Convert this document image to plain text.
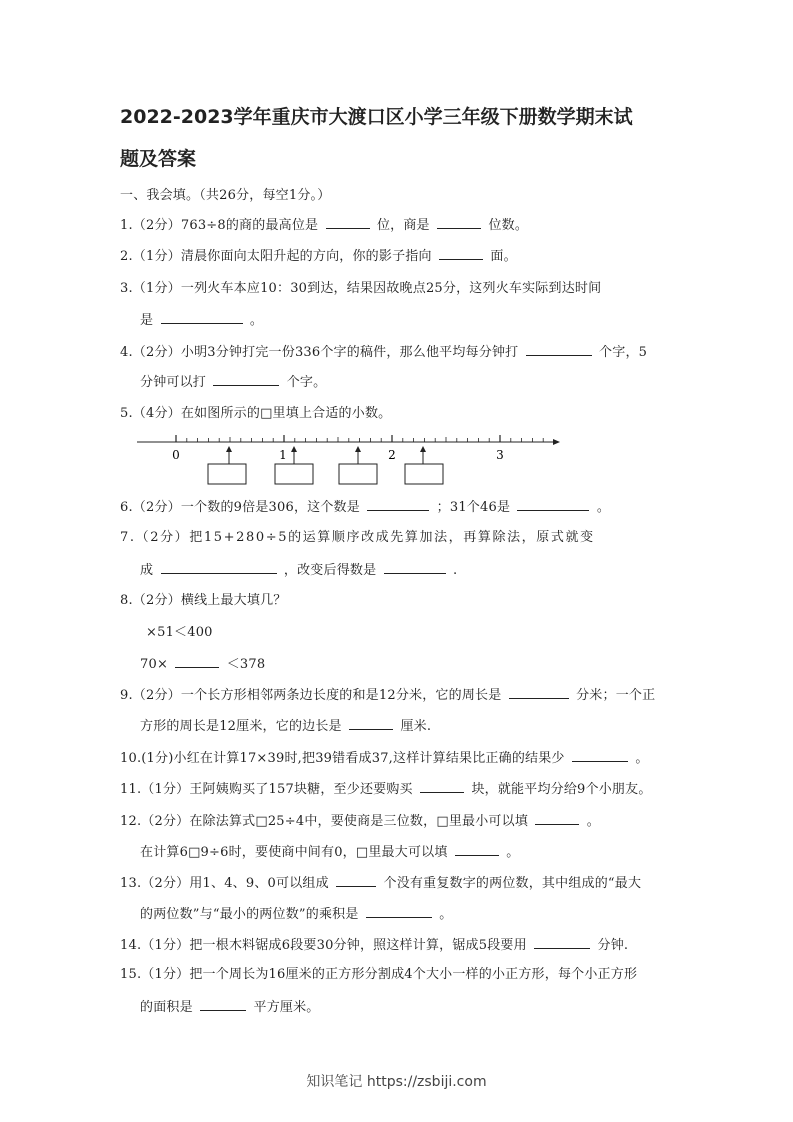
2022-2023学年重庆市大渡口区小学三年级下册数学期末试
题及答案
一、我会填。（共26分，每空1分。）
1.（2分）763÷8的商的最高位是	位，商是	位数。
2.（1分）清晨你面向太阳升起的方向，你的影子指向	面。
3.（1分）一列火车本应10：30到达，结果因故晚点25分，这列火车实际到达时间
是	。
4.（2分）小明3分钟打完一份336个字的稿件，那么他平均每分钟打	个字，5
分钟可以打	个字。
5.（4分）在如图所示的□里填上合适的小数。
0	1	2	3
6.（2分）一个数的9倍是306，这个数是	；31个46是	。
7.（2分）把15+280÷5的运算顺序改成先算加法，再算除法，原式就变
成	，改变后得数是	.
8.（2分）横线上最大填几？
×51＜400
70×	＜378
9.（2分）一个长方形相邻两条边长度的和是12分米，它的周长是	分米；一个正
方形的周长是12厘米，它的边长是	厘米.
10.(1分)小红在计算17×39时,把39错看成37,这样计算结果比正确的结果少	。
11.（1分）王阿姨购买了157块糖，至少还要购买	块，就能平均分给9个小朋友。
12.（2分）在除法算式□25÷4中，要使商是三位数，□里最小可以填	。
在计算6□9÷6时，要使商中间有0，□里最大可以填	。
13.（2分）用1、4、9、0可以组成	个没有重复数字的两位数，其中组成的“最大
的两位数”与“最小的两位数”的乘积是	。
14.（1分）把一根木料锯成6段要30分钟，照这样计算，锯成5段要用	分钟.
15.（1分）把一个周长为16厘米的正方形分割成4个大小一样的小正方形，每个小正方形
的面积是	平方厘米。
知识笔记 https://zsbiji.com
